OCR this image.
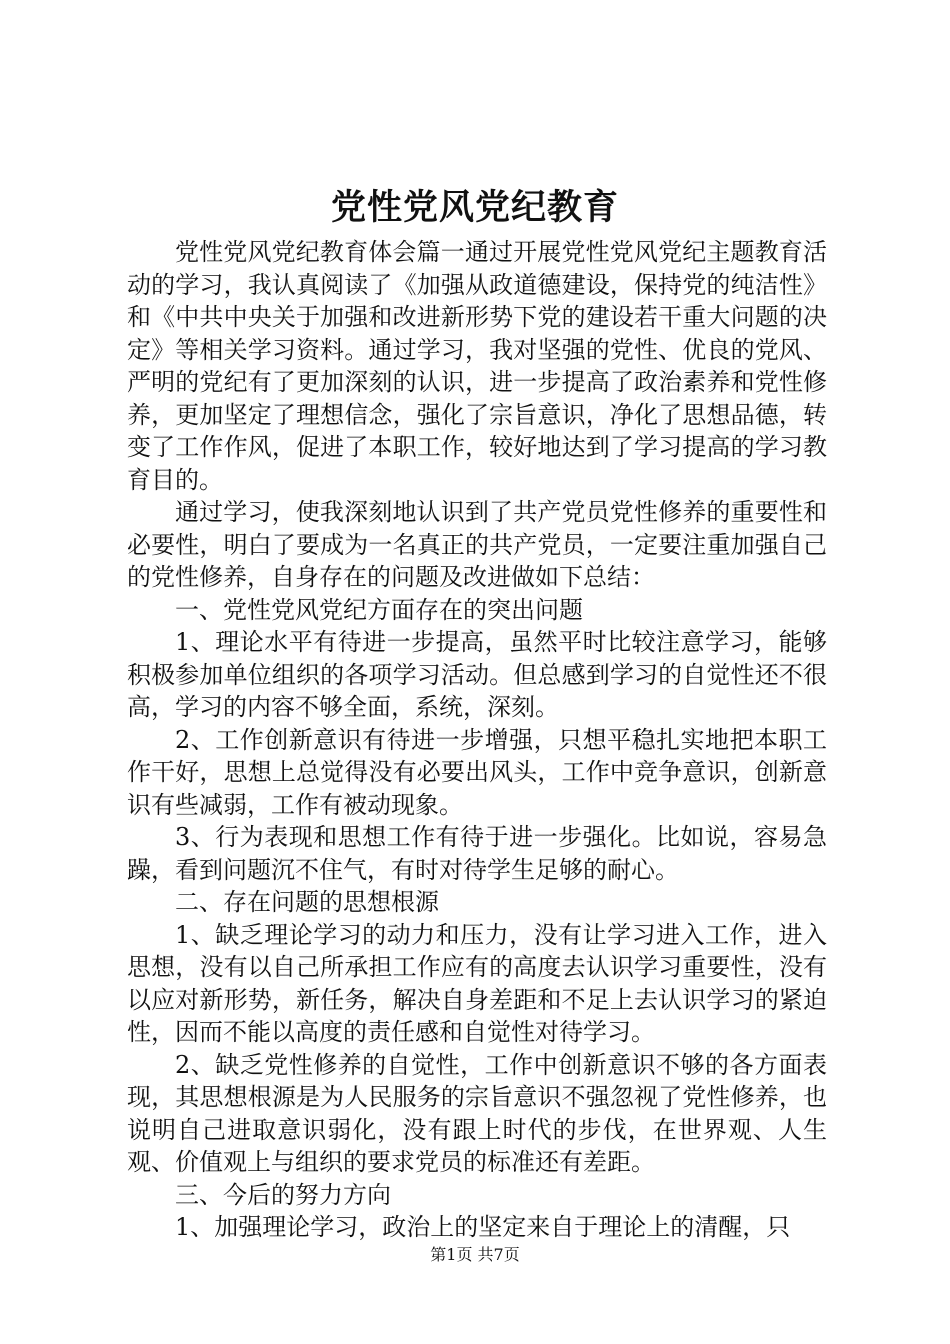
党性党风党纪教育

党性党风党纪教育体会篇一通过开展党性党风党纪主题教育活动的学习，我认真阅读了《加强从政道德建设，保持党的纯洁性》和《中共中央关于加强和改进新形势下党的建设若干重大问题的决定》等相关学习资料。通过学习，我对坚强的党性、优良的党风、严明的党纪有了更加深刻的认识，进一步提高了政治素养和党性修养，更加坚定了理想信念，强化了宗旨意识，净化了思想品德，转变了工作作风，促进了本职工作，较好地达到了学习提高的学习教育目的。

通过学习，使我深刻地认识到了共产党员党性修养的重要性和必要性，明白了要成为一名真正的共产党员，一定要注重加强自己的党性修养，自身存在的问题及改进做如下总结：

一、党性党风党纪方面存在的突出问题

1、理论水平有待进一步提高，虽然平时比较注意学习，能够积极参加单位组织的各项学习活动。但总感到学习的自觉性还不很高，学习的内容不够全面，系统，深刻。

2、工作创新意识有待进一步增强，只想平稳扎实地把本职工作干好，思想上总觉得没有必要出风头，工作中竞争意识，创新意识有些减弱，工作有被动现象。

3、行为表现和思想工作有待于进一步强化。比如说，容易急躁，看到问题沉不住气，有时对待学生足够的耐心。

二、存在问题的思想根源

1、缺乏理论学习的动力和压力，没有让学习进入工作，进入思想，没有以自己所承担工作应有的高度去认识学习重要性，没有以应对新形势，新任务，解决自身差距和不足上去认识学习的紧迫性，因而不能以高度的责任感和自觉性对待学习。

2、缺乏党性修养的自觉性，工作中创新意识不够的各方面表现，其思想根源是为人民服务的宗旨意识不强忽视了党性修养，也说明自己进取意识弱化，没有跟上时代的步伐，在世界观、人生观、价值观上与组织的要求党员的标准还有差距。

三、今后的努力方向

1、加强理论学习，政治上的坚定来自于理论上的清醒，只

第1页 共7页
